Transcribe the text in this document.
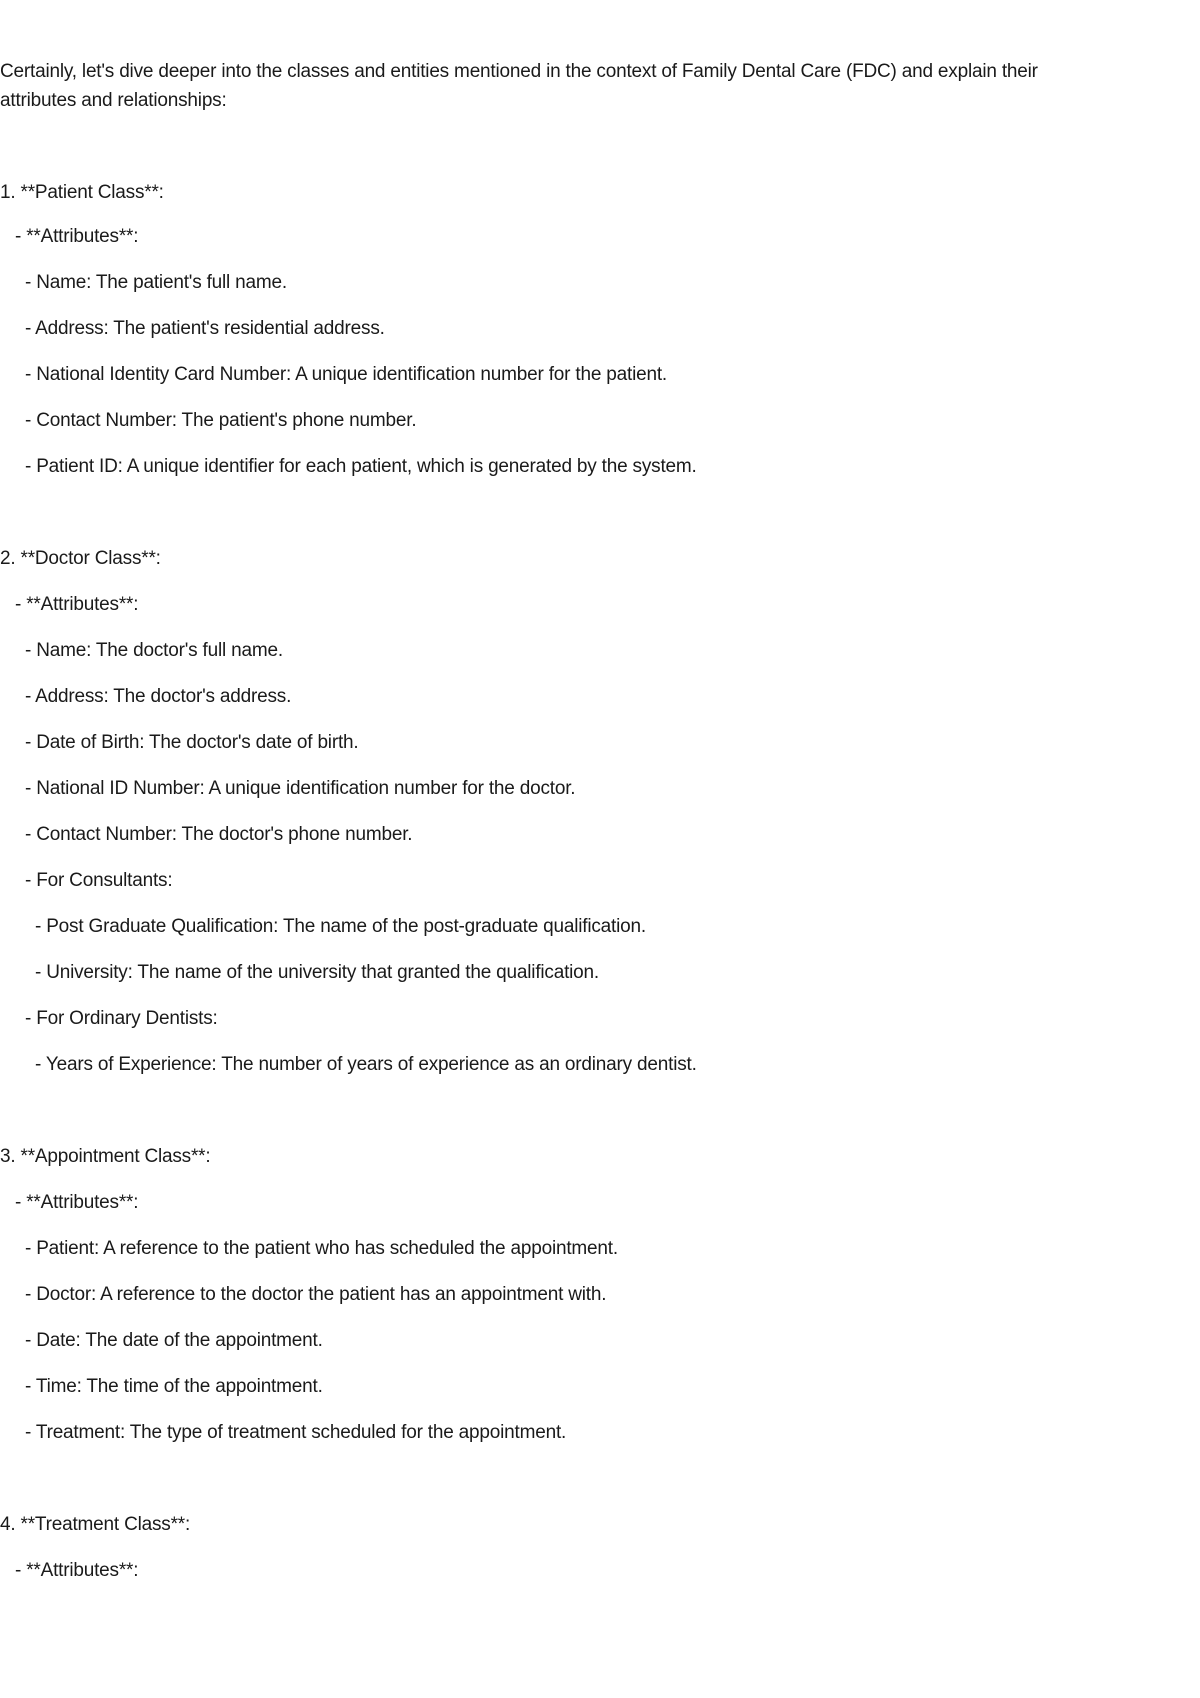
Certainly, let's dive deeper into the classes and entities mentioned in the context of Family Dental Care (FDC) and explain their
attributes and relationships:
1. **Patient Class**:
- **Attributes**:
- Name: The patient's full name.
- Address: The patient's residential address.
- National Identity Card Number: A unique identification number for the patient.
- Contact Number: The patient's phone number.
- Patient ID: A unique identifier for each patient, which is generated by the system.
2. **Doctor Class**:
- **Attributes**:
- Name: The doctor's full name.
- Address: The doctor's address.
- Date of Birth: The doctor's date of birth.
- National ID Number: A unique identification number for the doctor.
- Contact Number: The doctor's phone number.
- For Consultants:
- Post Graduate Qualification: The name of the post-graduate qualification.
- University: The name of the university that granted the qualification.
- For Ordinary Dentists:
- Years of Experience: The number of years of experience as an ordinary dentist.
3. **Appointment Class**:
- **Attributes**:
- Patient: A reference to the patient who has scheduled the appointment.
- Doctor: A reference to the doctor the patient has an appointment with.
- Date: The date of the appointment.
- Time: The time of the appointment.
- Treatment: The type of treatment scheduled for the appointment.
4. **Treatment Class**:
- **Attributes**:
